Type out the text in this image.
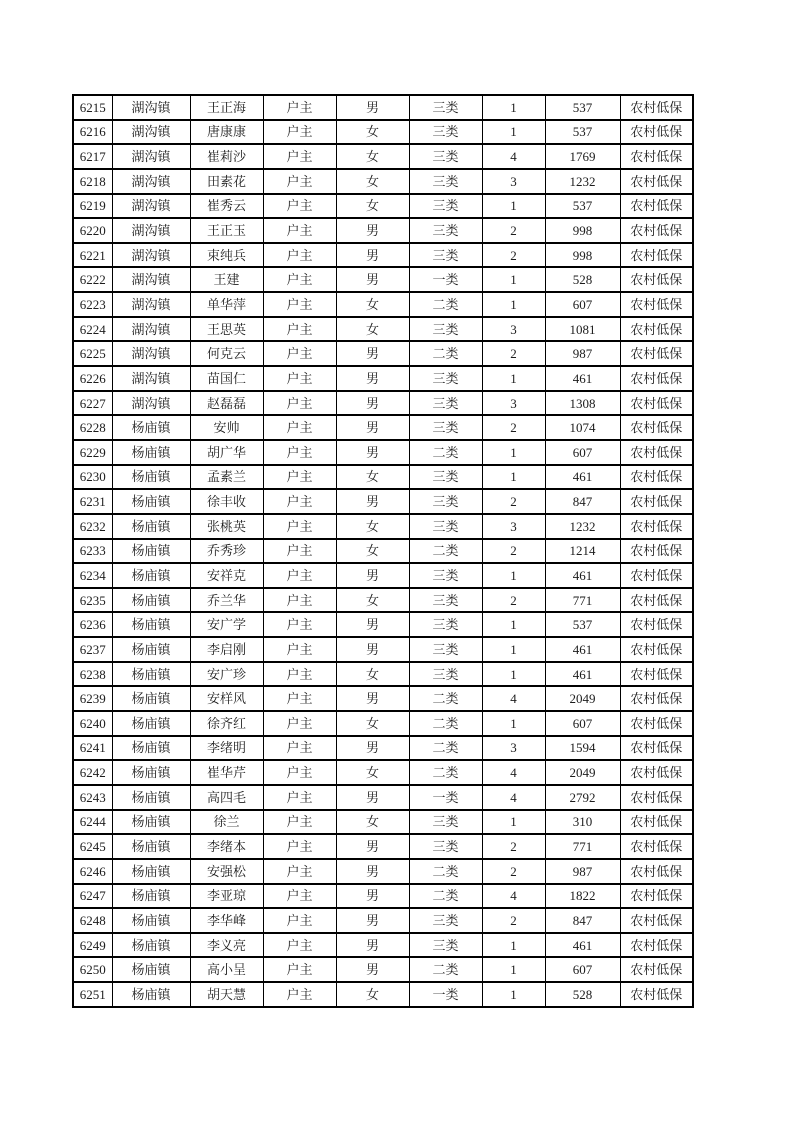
6215	湖沟镇	王正海	户主	男	三类	1	537	农村低保
6216	湖沟镇	唐康康	户主	女	三类	1	537	农村低保
6217	湖沟镇	崔莉沙	户主	女	三类	4	1769	农村低保
6218	湖沟镇	田素花	户主	女	三类	3	1232	农村低保
6219	湖沟镇	崔秀云	户主	女	三类	1	537	农村低保
6220	湖沟镇	王正玉	户主	男	三类	2	998	农村低保
6221	湖沟镇	束纯兵	户主	男	三类	2	998	农村低保
6222	湖沟镇	王建	户主	男	一类	1	528	农村低保
6223	湖沟镇	单华萍	户主	女	二类	1	607	农村低保
6224	湖沟镇	王思英	户主	女	三类	3	1081	农村低保
6225	湖沟镇	何克云	户主	男	二类	2	987	农村低保
6226	湖沟镇	苗国仁	户主	男	三类	1	461	农村低保
6227	湖沟镇	赵磊磊	户主	男	三类	3	1308	农村低保
6228	杨庙镇	安帅	户主	男	三类	2	1074	农村低保
6229	杨庙镇	胡广华	户主	男	二类	1	607	农村低保
6230	杨庙镇	孟素兰	户主	女	三类	1	461	农村低保
6231	杨庙镇	徐丰收	户主	男	三类	2	847	农村低保
6232	杨庙镇	张桃英	户主	女	三类	3	1232	农村低保
6233	杨庙镇	乔秀珍	户主	女	二类	2	1214	农村低保
6234	杨庙镇	安祥克	户主	男	三类	1	461	农村低保
6235	杨庙镇	乔兰华	户主	女	三类	2	771	农村低保
6236	杨庙镇	安广学	户主	男	三类	1	537	农村低保
6237	杨庙镇	李启刚	户主	男	三类	1	461	农村低保
6238	杨庙镇	安广珍	户主	女	三类	1	461	农村低保
6239	杨庙镇	安样风	户主	男	二类	4	2049	农村低保
6240	杨庙镇	徐齐红	户主	女	二类	1	607	农村低保
6241	杨庙镇	李绪明	户主	男	二类	3	1594	农村低保
6242	杨庙镇	崔华芹	户主	女	二类	4	2049	农村低保
6243	杨庙镇	高四毛	户主	男	一类	4	2792	农村低保
6244	杨庙镇	徐兰	户主	女	三类	1	310	农村低保
6245	杨庙镇	李绪本	户主	男	三类	2	771	农村低保
6246	杨庙镇	安强松	户主	男	二类	2	987	农村低保
6247	杨庙镇	李亚琼	户主	男	二类	4	1822	农村低保
6248	杨庙镇	李华峰	户主	男	三类	2	847	农村低保
6249	杨庙镇	李义亮	户主	男	三类	1	461	农村低保
6250	杨庙镇	高小呈	户主	男	二类	1	607	农村低保
6251	杨庙镇	胡天慧	户主	女	一类	1	528	农村低保
